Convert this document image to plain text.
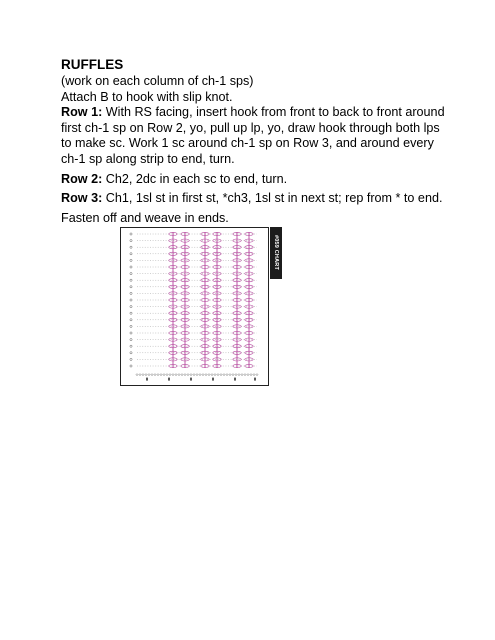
RUFFLES

(work on each column of ch-1 sps)

Attach B to hook with slip knot.

Row 1: With RS facing, insert hook from front to back to front around

first ch-1 sp on Row 2, yo, pull up lp, yo, draw hook through both lps

to make sc. Work 1 sc around ch-1 sp on Row 3, and around every

ch-1 sp along strip to end, turn.

Row 2: Ch2, 2dc in each sc to end, turn.

Row 3: Ch1, 1sl st in first st, *ch3, 1sl st in next st; rep from * to end.

Fasten off and weave in ends.

#059 CHART
